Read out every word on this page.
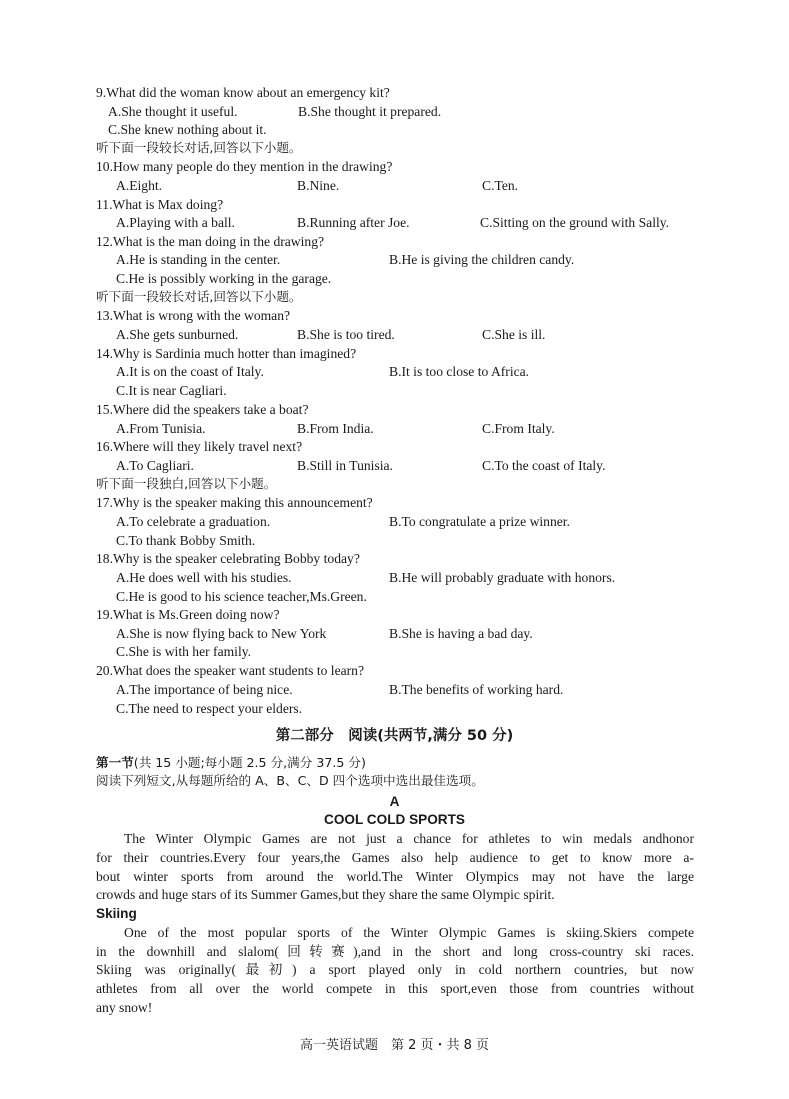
9.What did the woman know about an emergency kit?
A.She thought it useful.	B.She thought it prepared.
C.She knew nothing about it.
听下面一段较长对话,回答以下小题。
10.How many people do they mention in the drawing?
A.Eight.	B.Nine.	C.Ten.
11.What is Max doing?
A.Playing with a ball.	B.Running after Joe.	C.Sitting on the ground with Sally.
12.What is the man doing in the drawing?
A.He is standing in the center.	B.He is giving the children candy.
C.He is possibly working in the garage.
听下面一段较长对话,回答以下小题。
13.What is wrong with the woman?
A.She gets sunburned.	B.She is too tired.	C.She is ill.
14.Why is Sardinia much hotter than imagined?
A.It is on the coast of Italy.	B.It is too close to Africa.
C.It is near Cagliari.
15.Where did the speakers take a boat?
A.From Tunisia.	B.From India.	C.From Italy.
16.Where will they likely travel next?
A.To Cagliari.	B.Still in Tunisia.	C.To the coast of Italy.
听下面一段独白,回答以下小题。
17.Why is the speaker making this announcement?
A.To celebrate a graduation.	B.To congratulate a prize winner.
C.To thank Bobby Smith.
18.Why is the speaker celebrating Bobby today?
A.He does well with his studies.	B.He will probably graduate with honors.
C.He is good to his science teacher,Ms.Green.
19.What is Ms.Green doing now?
A.She is now flying back to New York	B.She is having a bad day.
C.She is with her family.
20.What does the speaker want students to learn?
A.The importance of being nice.	B.The benefits of working hard.
C.The need to respect your elders.
第二部分　阅读(共两节,满分 50 分)
第一节(共 15 小题;每小题 2.5 分,满分 37.5 分)
阅读下列短文,从每题所给的 A、B、C、D 四个选项中选出最佳选项。
A
COOL COLD SPORTS

The Winter Olympic Games are not just a chance for athletes to win medals andhonor

for their countries.Every four years,the Games also help audience to get to know more a-

bout winter sports from around the world.The Winter Olympics may not have the large

crowds and huge stars of its Summer Games,but they share the same Olympic spirit.

Skiing

One of the most popular sports of the Winter Olympic Games is skiing.Skiers compete

in the downhill and slalom(回转赛),and in the short and long cross-country ski races.

Skiing was originally(最初) a sport played only in cold northern countries, but now

athletes from all over the world compete in this sport,even those from countries without

any snow!

高一英语试题　第 2 页・共 8 页
